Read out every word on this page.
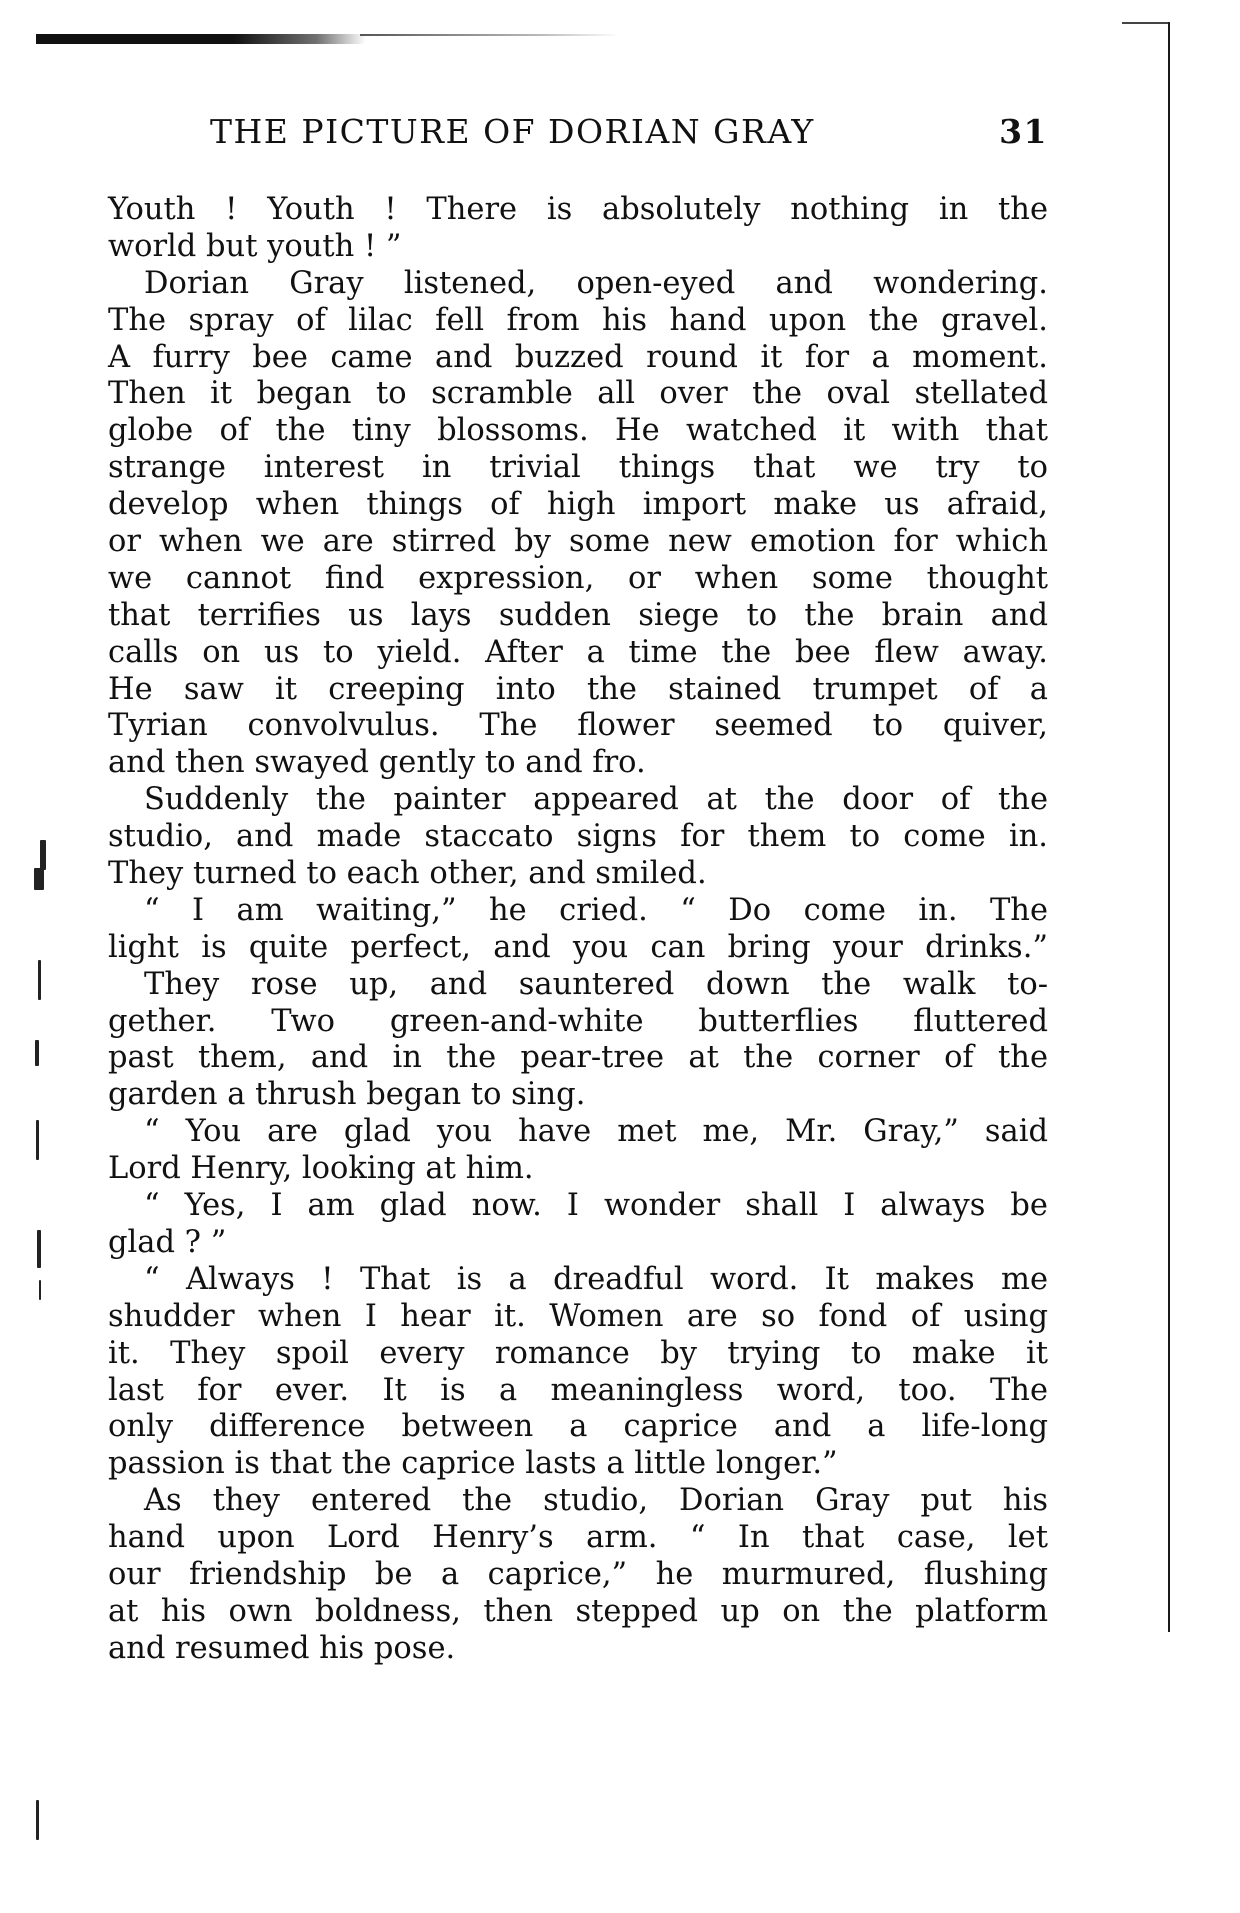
THE PICTURE OF DORIAN GRAY	31
Youth ! Youth ! There is absolutely nothing in the
world but youth ! ”
Dorian Gray listened, open-eyed and wondering.
The spray of lilac fell from his hand upon the gravel.
A furry bee came and buzzed round it for a moment.
Then it began to scramble all over the oval stellated
globe of the tiny blossoms. He watched it with that
strange interest in trivial things that we try to
develop when things of high import make us afraid,
or when we are stirred by some new emotion for which
we cannot find expression, or when some thought
that terrifies us lays sudden siege to the brain and
calls on us to yield. After a time the bee flew away.
He saw it creeping into the stained trumpet of a
Tyrian convolvulus. The flower seemed to quiver,
and then swayed gently to and fro.
Suddenly the painter appeared at the door of the
studio, and made staccato signs for them to come in.
They turned to each other, and smiled.
“ I am waiting,” he cried. “ Do come in. The
light is quite perfect, and you can bring your drinks.”
They rose up, and sauntered down the walk to-
gether. Two green-and-white butterflies fluttered
past them, and in the pear-tree at the corner of the
garden a thrush began to sing.
“ You are glad you have met me, Mr. Gray,” said
Lord Henry, looking at him.
“ Yes, I am glad now. I wonder shall I always be
glad ? ”
“ Always ! That is a dreadful word. It makes me
shudder when I hear it. Women are so fond of using
it. They spoil every romance by trying to make it
last for ever. It is a meaningless word, too. The
only difference between a caprice and a life-long
passion is that the caprice lasts a little longer.”
As they entered the studio, Dorian Gray put his
hand upon Lord Henry’s arm. “ In that case, let
our friendship be a caprice,” he murmured, flushing
at his own boldness, then stepped up on the platform
and resumed his pose.
